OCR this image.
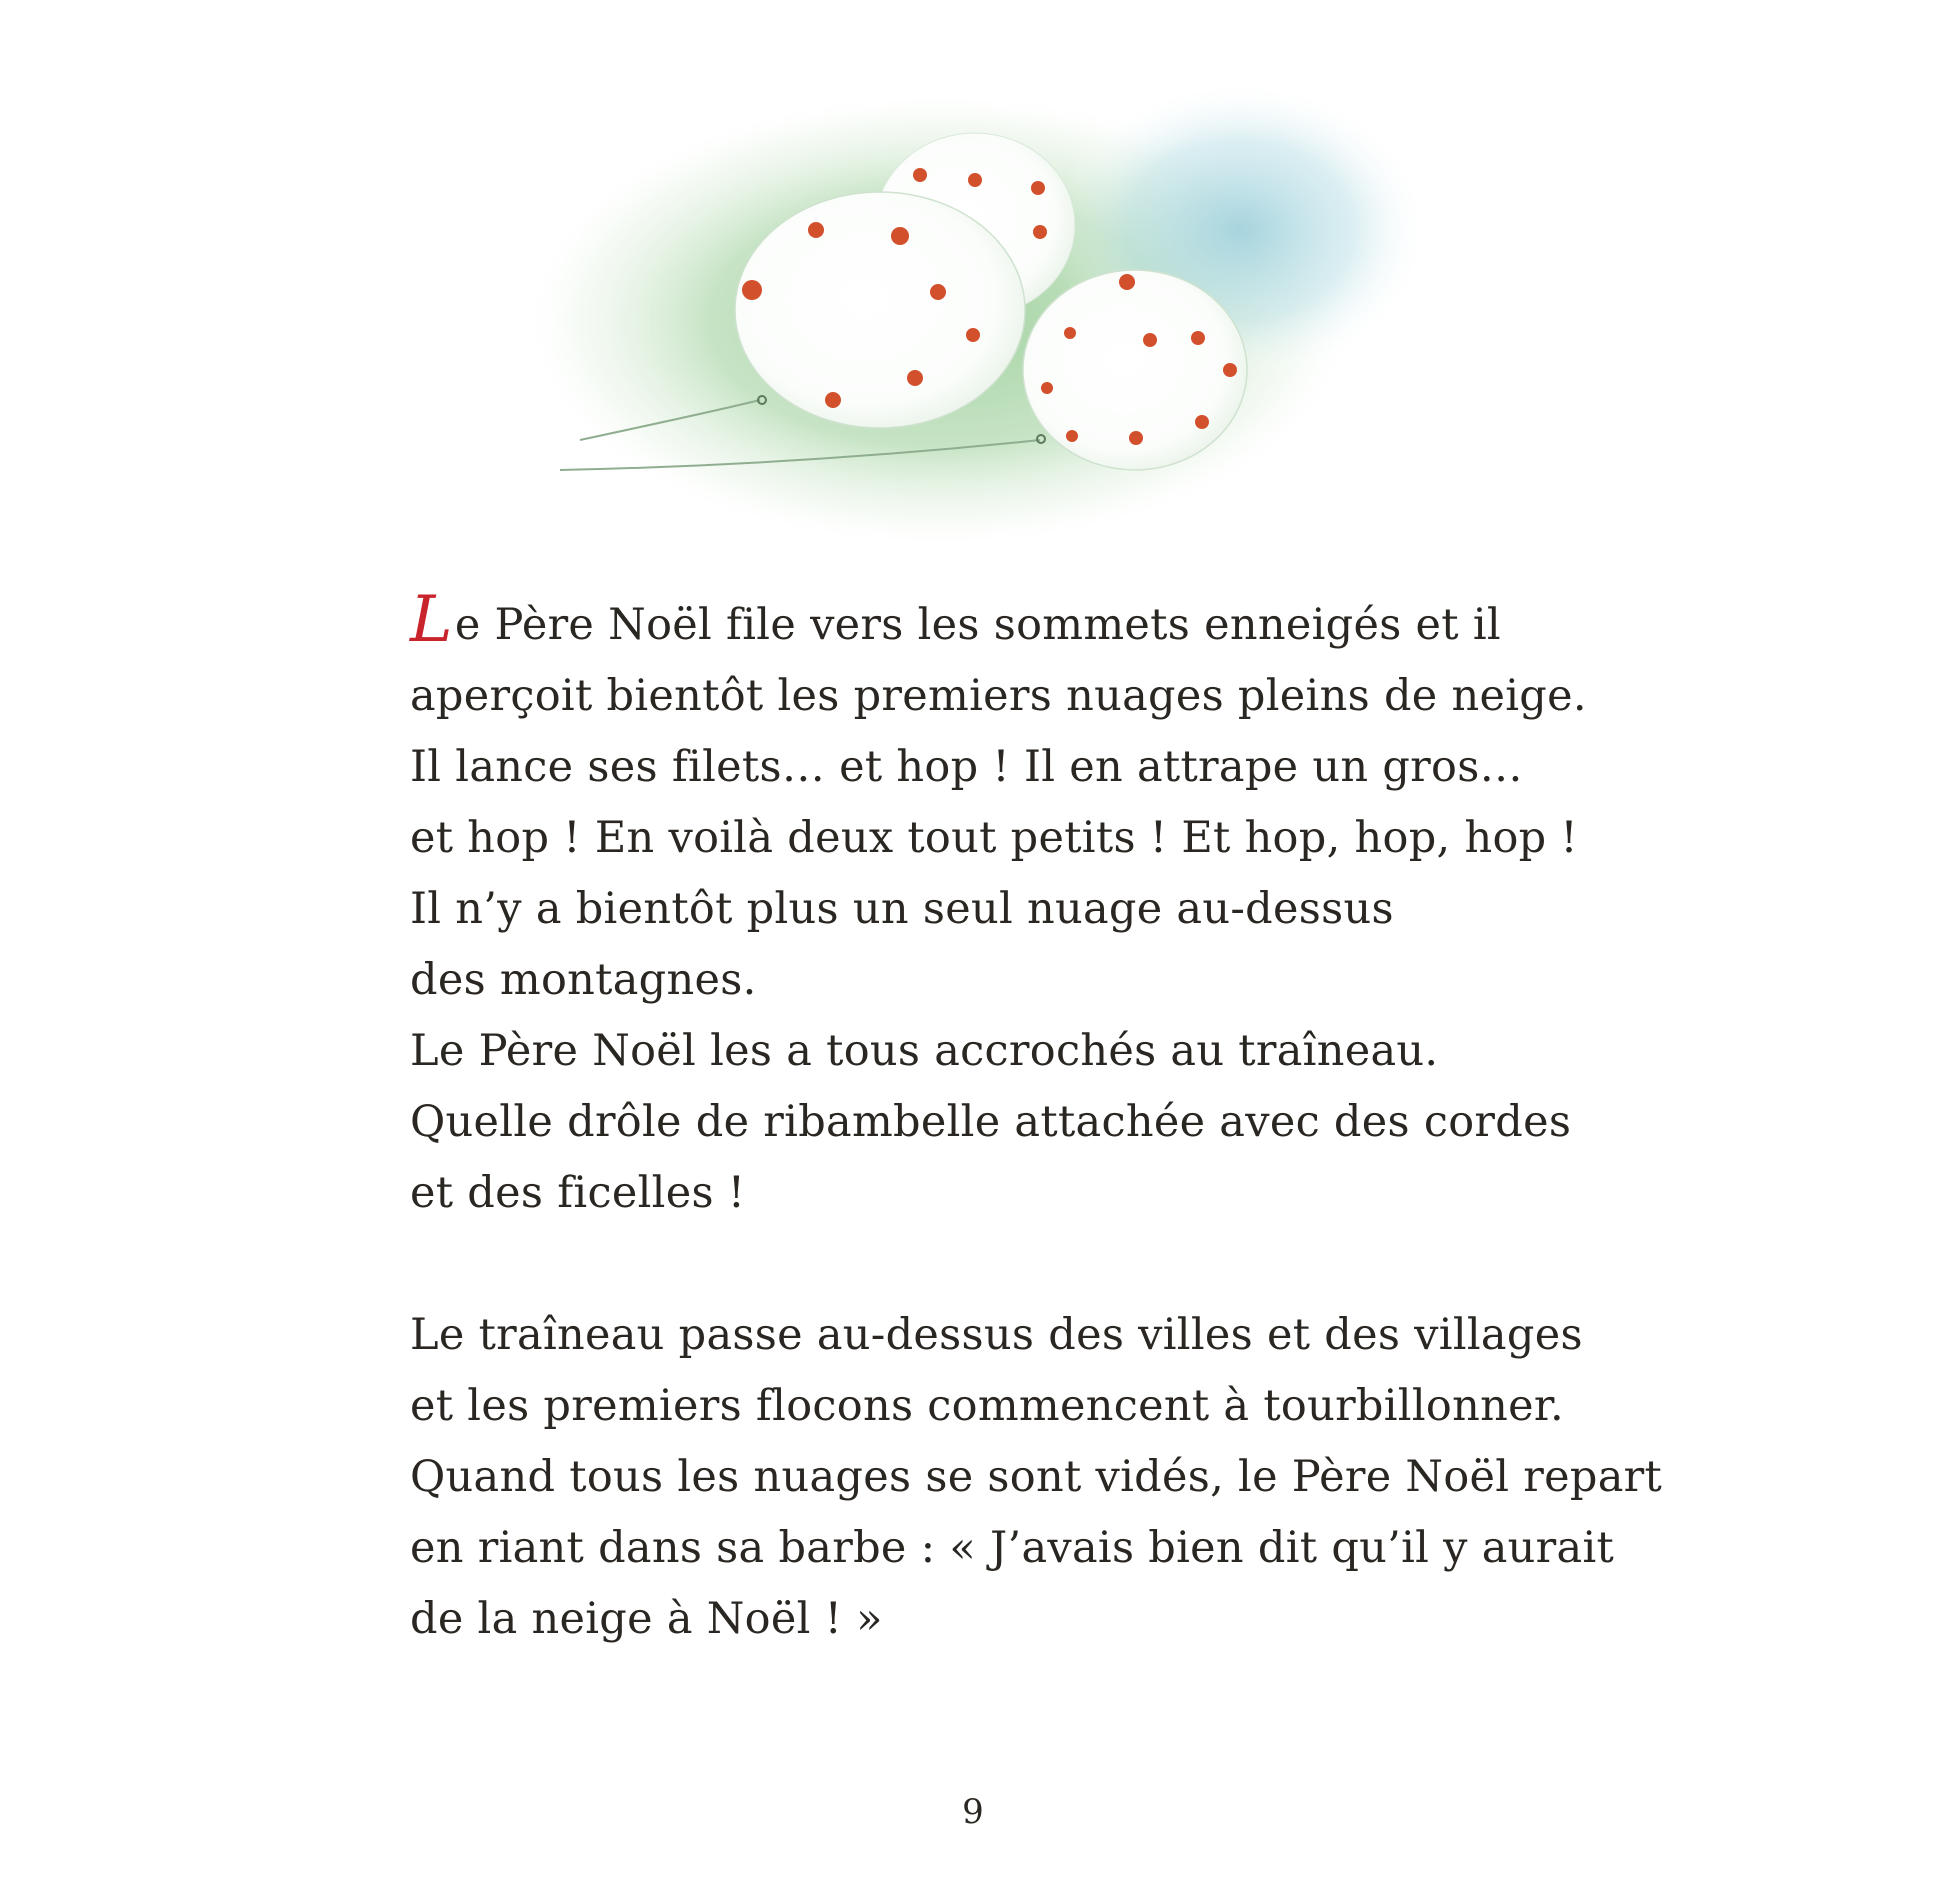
Le Père Noël file vers les sommets enneigés et il
aperçoit bientôt les premiers nuages pleins de neige.
Il lance ses filets… et hop ! Il en attrape un gros…
et hop ! En voilà deux tout petits ! Et hop, hop, hop !
Il n’y a bientôt plus un seul nuage au-dessus
des montagnes.
Le Père Noël les a tous accrochés au traîneau.
Quelle drôle de ribambelle attachée avec des cordes
et des ficelles !

Le traîneau passe au-dessus des villes et des villages
et les premiers flocons commencent à tourbillonner.
Quand tous les nuages se sont vidés, le Père Noël repart
en riant dans sa barbe : « J’avais bien dit qu’il y aurait
de la neige à Noël ! »

9
